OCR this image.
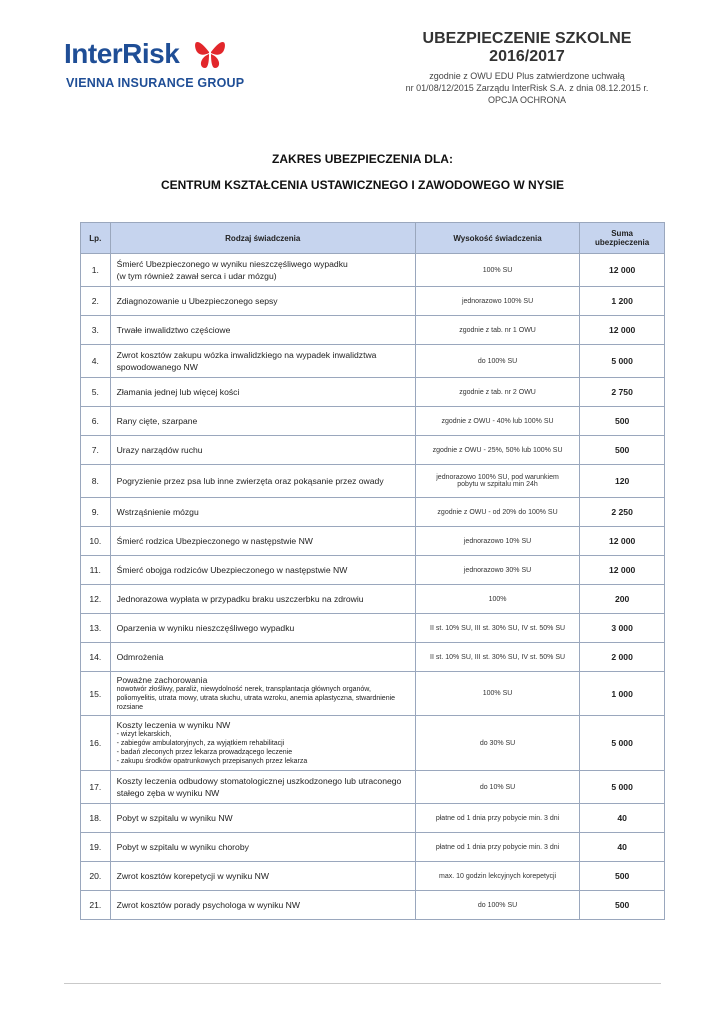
InterRisk
VIENNA INSURANCE GROUP
UBEZPIECZENIE SZKOLNE 2016/2017
zgodnie z OWU EDU Plus zatwierdzone uchwałą
nr 01/08/12/2015 Zarządu InterRisk S.A. z dnia 08.12.2015 r.
OPCJA OCHRONA
ZAKRES UBEZPIECZENIA DLA:
CENTRUM KSZTAŁCENIA USTAWICZNEGO I ZAWODOWEGO W NYSIE
Lp.	Rodzaj świadczenia	Wysokość świadczenia	Suma ubezpieczenia
1.	Śmierć Ubezpieczonego w wyniku nieszczęśliwego wypadku
(w tym również zawał serca i udar mózgu)	100% SU	12 000
2.	Zdiagnozowanie u Ubezpieczonego sepsy	jednorazowo 100% SU	1 200
3.	Trwałe inwalidztwo częściowe	zgodnie z tab. nr 1 OWU	12 000
4.	Zwrot kosztów zakupu wózka inwalidzkiego na wypadek inwalidztwa
spowodowanego NW	do 100% SU	5 000
5.	Złamania jednej lub więcej kości	zgodnie z tab. nr 2 OWU	2 750
6.	Rany cięte, szarpane	zgodnie z OWU - 40% lub 100% SU	500
7.	Urazy narządów ruchu	zgodnie z OWU - 25%, 50% lub 100% SU	500
8.	Pogryzienie przez psa lub inne zwierzęta oraz pokąsanie przez owady	jednorazowo 100% SU, pod warunkiem
pobytu w szpitalu min 24h	120
9.	Wstrząśnienie mózgu	zgodnie z OWU - od 20% do 100% SU	2 250
10.	Śmierć rodzica Ubezpieczonego w następstwie NW	jednorazowo 10% SU	12 000
11.	Śmierć obojga rodziców Ubezpieczonego w następstwie NW	jednorazowo 30% SU	12 000
12.	Jednorazowa wypłata w przypadku braku uszczerbku na zdrowiu	100%	200
13.	Oparzenia w wyniku nieszczęśliwego wypadku	II st. 10% SU, III st. 30% SU, IV st. 50% SU	3 000
14.	Odmrożenia	II st. 10% SU, III st. 30% SU, IV st. 50% SU	2 000
15.	Poważne zachorowania
nowotwór złośliwy, paraliż, niewydolność nerek, transplantacja głównych organów, poliomyelitis, utrata mowy, utrata słuchu, utrata wzroku, anemia aplastyczna, stwardnienie rozsiane	100% SU	1 000
16.	Koszty leczenia w wyniku NW
- wizyt lekarskich,
- zabiegów ambulatoryjnych, za wyjątkiem rehabilitacji
- badań zleconych przez lekarza prowadzącego leczenie
- zakupu środków opatrunkowych przepisanych przez lekarza	do 30% SU	5 000
17.	Koszty leczenia odbudowy stomatologicznej uszkodzonego lub utraconego
stałego zęba w wyniku NW	do 10% SU	5 000
18.	Pobyt w szpitalu w wyniku NW	płatne od 1 dnia przy pobycie min. 3 dni	40
19.	Pobyt w szpitalu w wyniku choroby	płatne od 1 dnia przy pobycie min. 3 dni	40
20.	Zwrot kosztów korepetycji w wyniku NW	max. 10 godzin lekcyjnych korepetycji	500
21.	Zwrot kosztów porady psychologa w wyniku NW	do 100% SU	500
